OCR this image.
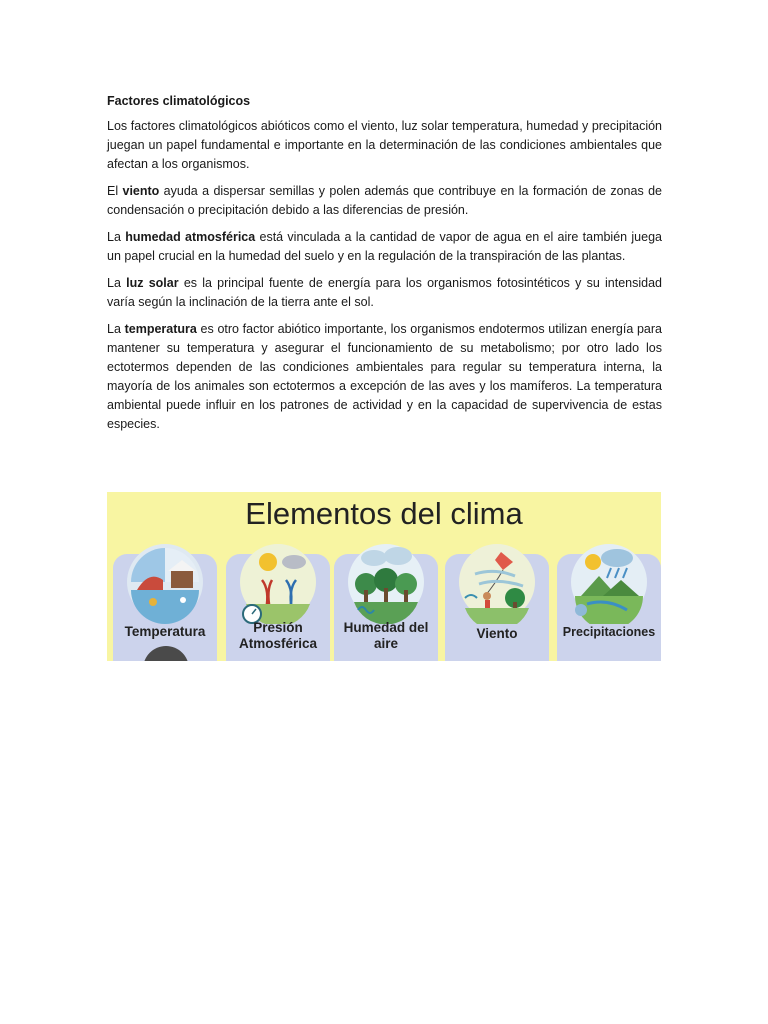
Factores climatológicos

Los factores climatológicos abióticos como el viento, luz solar temperatura, humedad y precipitación juegan un papel fundamental e importante en la determinación de las condiciones ambientales que afectan a los organismos.

El viento ayuda a dispersar semillas y polen además que contribuye en la formación de zonas de condensación o precipitación debido a las diferencias de presión.

La humedad atmosférica está vinculada a la cantidad de vapor de agua en el aire también juega un papel crucial en la humedad del suelo y en la regulación de la transpiración de las plantas.

La luz solar es la principal fuente de energía para los organismos fotosintéticos y su intensidad varía según la inclinación de la tierra ante el sol.

La temperatura es otro factor abiótico importante, los organismos endotermos utilizan energía para mantener su temperatura y asegurar el funcionamiento de su metabolismo; por otro lado los ectotermos dependen de las condiciones ambientales para regular su temperatura interna, la mayoría de los animales son ectotermos a excepción de las aves y los mamíferos. La temperatura ambiental puede influir en los patrones de actividad y en la capacidad de supervivencia de estas especies.

Elementos del clima
Temperatura	Presión
Atmosférica
Humedad del
aire
Viento	Precipitaciones
